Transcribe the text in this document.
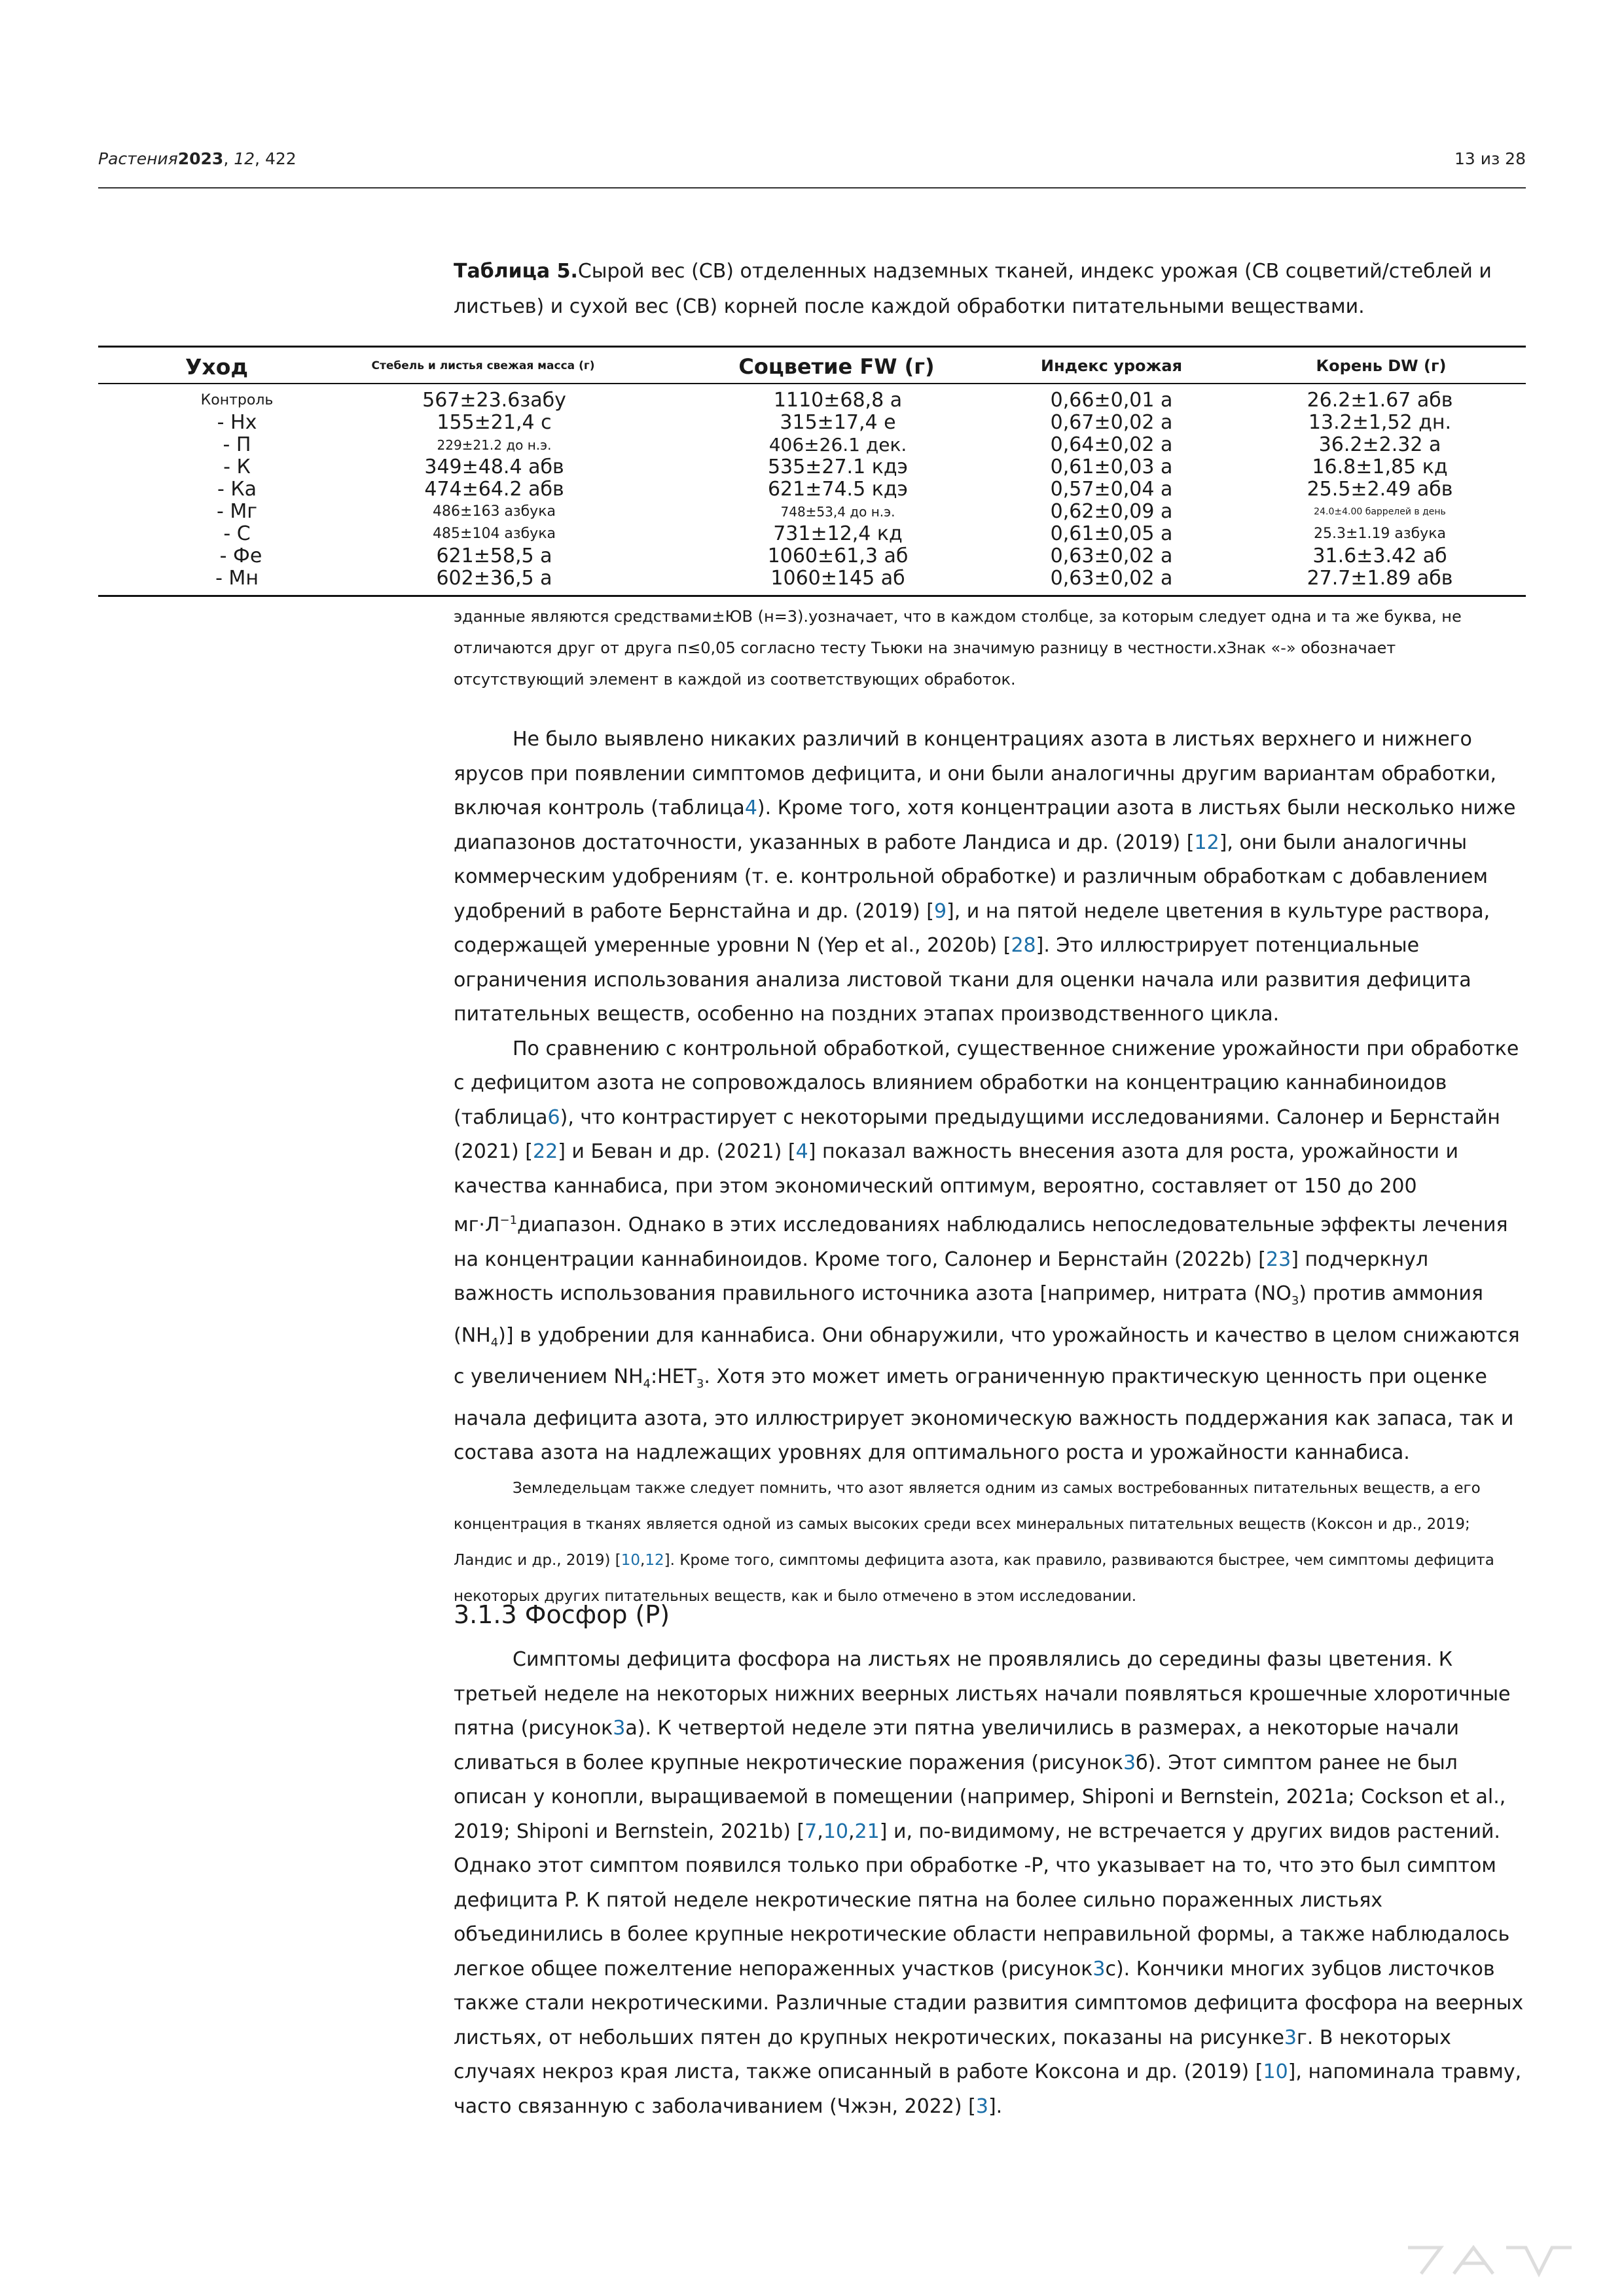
Растения2023, 12, 422	13 из 28
Таблица 5.Сырой вес (СВ) отделенных надземных тканей, индекс урожая (СВ соцветий/стеблей и листьев) и сухой вес (СВ) корней после каждой обработки питательными веществами.
Уход	Стебель и листья свежая масса (г)	Соцветие FW (г)	Индекс урожая	Корень DW (г)
Контроль	567±23.6забу	1110±68,8 а	0,66±0,01 а	26.2±1.67 абв
- Нх	155±21,4 с	315±17,4 е	0,67±0,02 а	13.2±1,52 дн.
- П	229±21.2 до н.э.	406±26.1 дек.	0,64±0,02 а	36.2±2.32 а
- К	349±48.4 абв	535±27.1 кдэ	0,61±0,03 а	16.8±1,85 кд
- Ка	474±64.2 абв	621±74.5 кдэ	0,57±0,04 а	25.5±2.49 абв
- Мг	486±163 азбука	748±53,4 до н.э.	0,62±0,09 а	24.0±4.00 баррелей в день
- С	485±104 азбука	731±12,4 кд	0,61±0,05 а	25.3±1.19 азбука
- Фе	621±58,5 а	1060±61,3 аб	0,63±0,02 а	31.6±3.42 аб
- Мн	602±36,5 а	1060±145 аб	0,63±0,02 а	27.7±1.89 абв
эданные являются средствами±ЮВ (н=3).уозначает, что в каждом столбце, за которым следует одна и та же буква, не отличаются друг от друга п≤0,05 согласно тесту Тьюки на значимую разницу в честности.хЗнак «-» обозначает отсутствующий элемент в каждой из соответствующих обработок.

Не было выявлено никаких различий в концентрациях азота в листьях верхнего и нижнего ярусов при появлении симптомов дефицита, и они были аналогичны другим вариантам обработки, включая контроль (таблица4). Кроме того, хотя концентрации азота в листьях были несколько ниже диапазонов достаточности, указанных в работе Ландиса и др. (2019) [12], они были аналогичны коммерческим удобрениям (т. е. контрольной обработке) и различным обработкам с добавлением удобрений в работе Бернстайна и др. (2019) [9], и на пятой неделе цветения в культуре раствора, содержащей умеренные уровни N (Yep et al., 2020b) [28]. Это иллюстрирует потенциальные ограничения использования анализа листовой ткани для оценки начала или развития дефицита питательных веществ, особенно на поздних этапах производственного цикла.

По сравнению с контрольной обработкой, существенное снижение урожайности при обработке с дефицитом азота не сопровождалось влиянием обработки на концентрацию каннабиноидов (таблица6), что контрастирует с некоторыми предыдущими исследованиями. Салонер и Бернстайн (2021) [22] и Беван и др. (2021) [4] показал важность внесения азота для роста, урожайности и качества каннабиса, при этом экономический оптимум, вероятно, составляет от 150 до 200 $мг\cdot Л^{-1}диапазон$. Однако в этих исследованиях наблюдались непоследовательные эффекты лечения на концентрации каннабиноидов. Кроме того, Салонер и Бернстайн (2022b) [23] подчеркнул важность использования правильного источника азота [например, нитрата $(NO_3)$ против аммония $(NH_4)$] в удобрении для каннабиса. Они обнаружили, что урожайность и качество в целом снижаются с увеличением $NH_4:НЕТ_3$. Хотя это может иметь ограниченную практическую ценность при оценке начала дефицита азота, это иллюстрирует экономическую важность поддержания как запаса, так и состава азота на надлежащих уровнях для оптимального роста и урожайности каннабиса.

Земледельцам также следует помнить, что азот является одним из самых востребованных питательных веществ, а его концентрация в тканях является одной из самых высоких среди всех минеральных питательных веществ (Коксон и др., 2019; Ландис и др., 2019) [10,12]. Кроме того, симптомы дефицита азота, как правило, развиваются быстрее, чем симптомы дефицита некоторых других питательных веществ, как и было отмечено в этом исследовании.

3.1.3 Фосфор (P)

Симптомы дефицита фосфора на листьях не проявлялись до середины фазы цветения. К третьей неделе на некоторых нижних веерных листьях начали появляться крошечные хлоротичные пятна (рисунок3а). К четвертой неделе эти пятна увеличились в размерах, а некоторые начали сливаться в более крупные некротические поражения (рисунок3б). Этот симптом ранее не был описан у конопли, выращиваемой в помещении (например, Shiponi и Bernstein, 2021a; Cockson et al., 2019; Shiponi и Bernstein, 2021b) [7,10,21] и, по-видимому, не встречается у других видов растений. Однако этот симптом появился только при обработке -P, что указывает на то, что это был симптом дефицита P. К пятой неделе некротические пятна на более сильно пораженных листьях объединились в более крупные некротические области неправильной формы, а также наблюдалось легкое общее пожелтение непораженных участков (рисунок3с). Кончики многих зубцов листочков также стали некротическими. Различные стадии развития симптомов дефицита фосфора на веерных листьях, от небольших пятен до крупных некротических, показаны на рисунке3г. В некоторых случаях некроз края листа, также описанный в работе Коксона и др. (2019) [10], напоминала травму, часто связанную с заболачиванием (Чжэн, 2022) [3].
